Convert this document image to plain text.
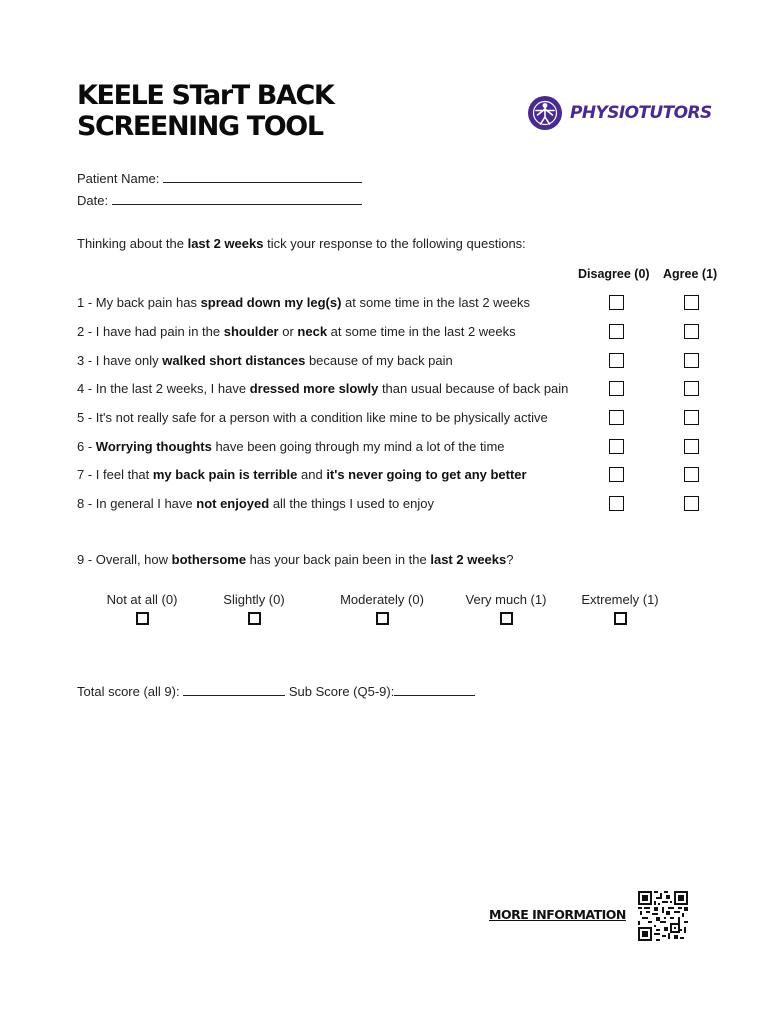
KEELE STarT BACK
SCREENING TOOL	PHYSIOTUTORS
Patient Name:
Date:
Thinking about the last 2 weeks tick your response to the following questions:
Disagree (0) Agree (1)
1 - My back pain has spread down my leg(s) at some time in the last 2 weeks
2 - I have had pain in the shoulder or neck at some time in the last 2 weeks
3 - I have only walked short distances because of my back pain
4 - In the last 2 weeks, I have dressed more slowly than usual because of back pain
5 - It's not really safe for a person with a condition like mine to be physically active
6 - Worrying thoughts have been going through my mind a lot of the time
7 - I feel that my back pain is terrible and it's never going to get any better
8 - In general I have not enjoyed all the things I used to enjoy
9 - Overall, how bothersome has your back pain been in the last 2 weeks?
Not at all (0)	Slightly (0)	Moderately (0)	Very much (1)	Extremely (1)
Total score (all 9):	Sub Score (Q5-9):
MORE INFORMATION
